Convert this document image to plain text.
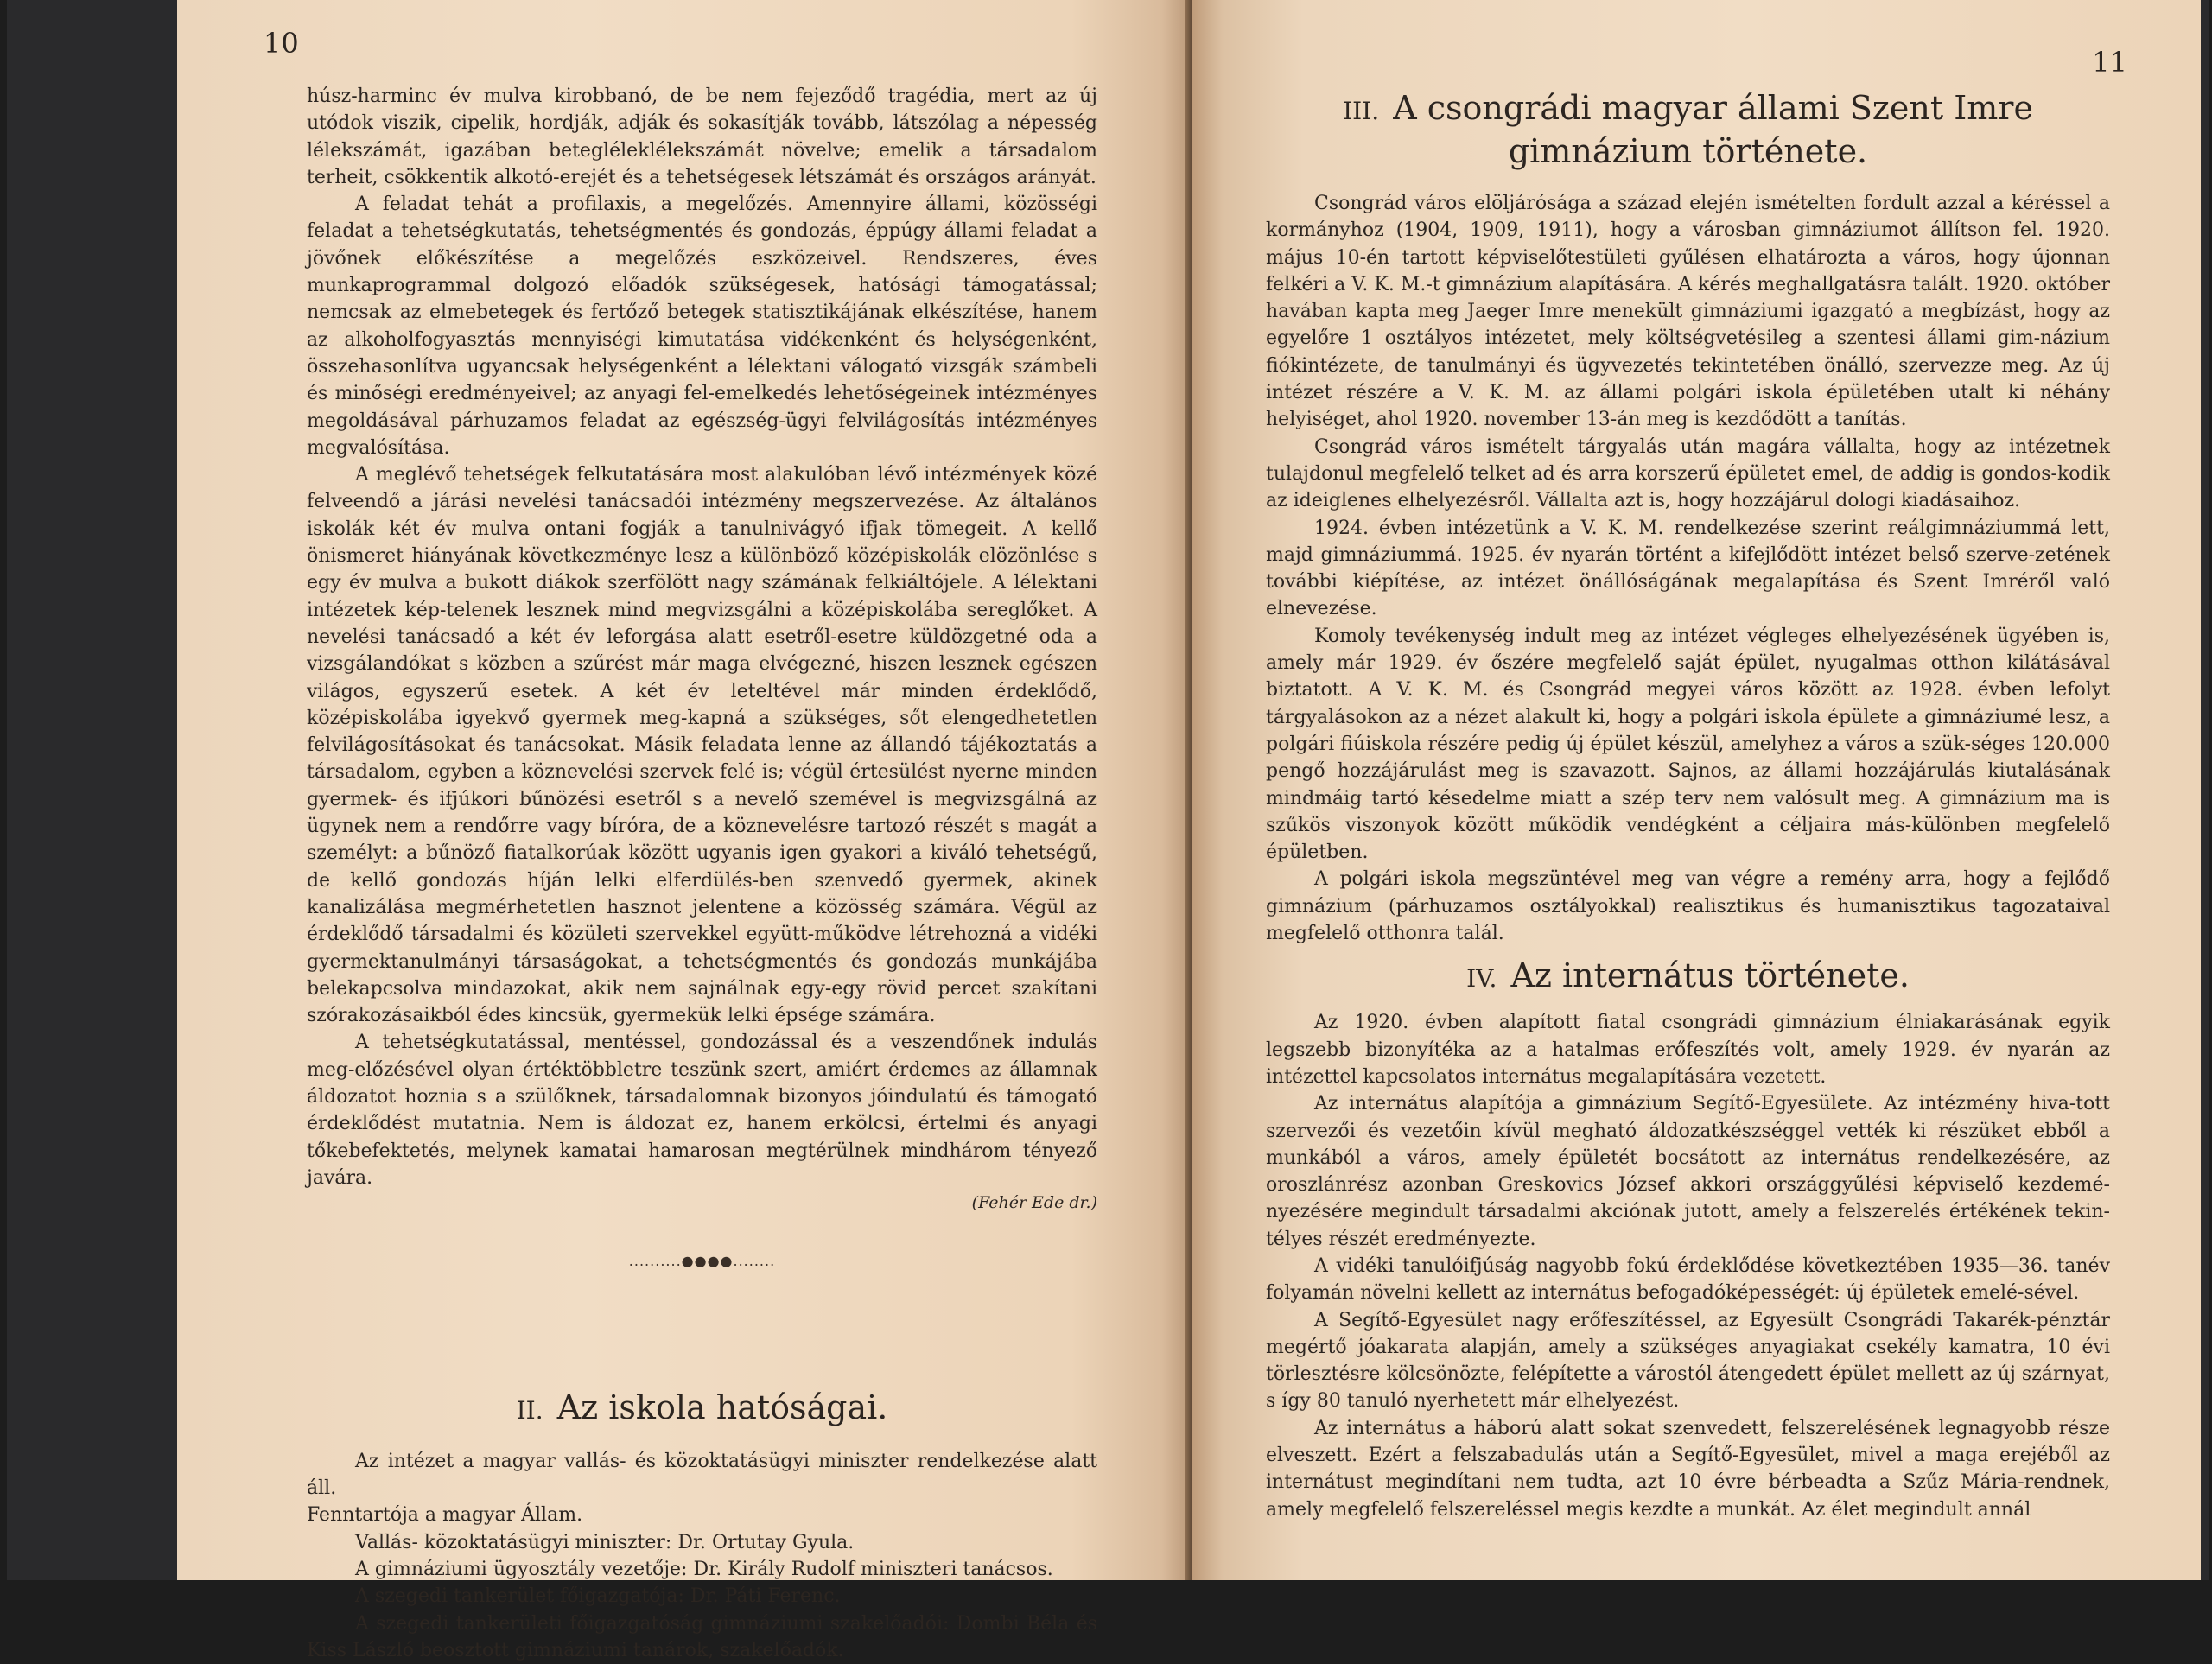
10

húsz-harminc év mulva kirobbanó, de be nem fejeződő tragédia, mert az új utódok viszik, cipelik, hordják, adják és sokasítják tovább, látszólag a népesség lélekszámát, igazában betegléleklélekszámát növelve; emelik a társadalom terheit, csökkentik alkotó-erejét és a tehetségesek létszámát és országos arányát.

A feladat tehát a profilaxis, a megelőzés. Amennyire állami, közösségi feladat a tehetségkutatás, tehetségmentés és gondozás, éppúgy állami feladat a jövőnek előkészítése a megelőzés eszközeivel. Rendszeres, éves munkaprogrammal dolgozó előadók szükségesek, hatósági támogatással; nemcsak az elmebetegek és fertőző betegek statisztikájának elkészítése, hanem az alkoholfogyasztás mennyiségi kimutatása vidékenként és helységenként, összehasonlítva ugyancsak helységenként a lélektani válogató vizsgák számbeli és minőségi eredményeivel; az anyagi fel-emelkedés lehetőségeinek intézményes megoldásával párhuzamos feladat az egészség-ügyi felvilágosítás intézményes megvalósítása.

A meglévő tehetségek felkutatására most alakulóban lévő intézmények közé felveendő a járási nevelési tanácsadói intézmény megszervezése. Az általános iskolák két év mulva ontani fogják a tanulnivágyó ifjak tömegeit. A kellő önismeret hiányának következménye lesz a különböző középiskolák elözönlése s egy év mulva a bukott diákok szerfölött nagy számának felkiáltójele. A lélektani intézetek kép-telenek lesznek mind megvizsgálni a középiskolába sereglőket. A nevelési tanácsadó a két év leforgása alatt esetről-esetre küldözgetné oda a vizsgálandókat s közben a szűrést már maga elvégezné, hiszen lesznek egészen világos, egyszerű esetek. A két év leteltével már minden érdeklődő, középiskolába igyekvő gyermek meg-kapná a szükséges, sőt elengedhetetlen felvilágosításokat és tanácsokat. Másik feladata lenne az állandó tájékoztatás a társadalom, egyben a köznevelési szervek felé is; végül értesülést nyerne minden gyermek- és ifjúkori bűnözési esetről s a nevelő szemével is megvizsgálná az ügynek nem a rendőrre vagy bíróra, de a köznevelésre tartozó részét s magát a személyt: a bűnöző fiatalkorúak között ugyanis igen gyakori a kiváló tehetségű, de kellő gondozás híján lelki elferdülés-ben szenvedő gyermek, akinek kanalizálása megmérhetetlen hasznot jelentene a közösség számára. Végül az érdeklődő társadalmi és közületi szervekkel együtt-működve létrehozná a vidéki gyermektanulmányi társaságokat, a tehetségmentés és gondozás munkájába belekapcsolva mindazokat, akik nem sajnálnak egy-egy rövid percet szakítani szórakozásaikból édes kincsük, gyermekük lelki épsége számára.

A tehetségkutatással, mentéssel, gondozással és a veszendőnek indulás meg-előzésével olyan értéktöbbletre teszünk szert, amiért érdemes az államnak áldozatot hoznia s a szülőknek, társadalomnak bizonyos jóindulatú és támogató érdeklődést mutatnia. Nem is áldozat ez, hanem erkölcsi, értelmi és anyagi tőkebefektetés, melynek kamatai hamarosan megtérülnek mindhárom tényező javára.

(Fehér Ede dr.)
..........●●●●........
II. Az iskola hatóságai.

Az intézet a magyar vallás- és közoktatásügyi miniszter rendelkezése alatt áll.

Fenntartója a magyar Állam.

Vallás- közoktatásügyi miniszter: Dr. Ortutay Gyula.

A gimnáziumi ügyosztály vezetője: Dr. Király Rudolf miniszteri tanácsos.

A szegedi tankerület főigazgatója: Dr. Páti Ferenc.

A szegedi tankerületi főigazgatóság gimnáziumi szakelőadói: Dombi Béla és Kiss László beosztott gimnáziumi tanárok, szakelőadók.

11
III. A csongrádi magyar állami Szent Imre gimnázium története.

Csongrád város elöljárósága a század elején ismételten fordult azzal a kéréssel a kormányhoz (1904, 1909, 1911), hogy a városban gimnáziumot állítson fel. 1920. május 10-én tartott képviselőtestületi gyűlésen elhatározta a város, hogy újonnan felkéri a V. K. M.-t gimnázium alapítására. A kérés meghallgatásra talált. 1920. október havában kapta meg Jaeger Imre menekült gimnáziumi igazgató a megbízást, hogy az egyelőre 1 osztályos intézetet, mely költségvetésileg a szentesi állami gim-názium fiókintézete, de tanulmányi és ügyvezetés tekintetében önálló, szervezze meg. Az új intézet részére a V. K. M. az állami polgári iskola épületében utalt ki néhány helyiséget, ahol 1920. november 13-án meg is kezdődött a tanítás.

Csongrád város ismételt tárgyalás után magára vállalta, hogy az intézetnek tulajdonul megfelelő telket ad és arra korszerű épületet emel, de addig is gondos-kodik az ideiglenes elhelyezésről. Vállalta azt is, hogy hozzájárul dologi kiadásaihoz.

1924. évben intézetünk a V. K. M. rendelkezése szerint reálgimnáziummá lett, majd gimnáziummá. 1925. év nyarán történt a kifejlődött intézet belső szerve-zetének további kiépítése, az intézet önállóságának megalapítása és Szent Imréről való elnevezése.

Komoly tevékenység indult meg az intézet végleges elhelyezésének ügyében is, amely már 1929. év őszére megfelelő saját épület, nyugalmas otthon kilátásával biztatott. A V. K. M. és Csongrád megyei város között az 1928. évben lefolyt tárgyalásokon az a nézet alakult ki, hogy a polgári iskola épülete a gimnáziumé lesz, a polgári fiúiskola részére pedig új épület készül, amelyhez a város a szük-séges 120.000 pengő hozzájárulást meg is szavazott. Sajnos, az állami hozzájárulás kiutalásának mindmáig tartó késedelme miatt a szép terv nem valósult meg. A gimnázium ma is szűkös viszonyok között működik vendégként a céljaira más-különben megfelelő épületben.

A polgári iskola megszüntével meg van végre a remény arra, hogy a fejlődő gimnázium (párhuzamos osztályokkal) realisztikus és humanisztikus tagozataival megfelelő otthonra talál.

IV. Az internátus története.

Az 1920. évben alapított fiatal csongrádi gimnázium élniakarásának egyik legszebb bizonyítéka az a hatalmas erőfeszítés volt, amely 1929. év nyarán az intézettel kapcsolatos internátus megalapítására vezetett.

Az internátus alapítója a gimnázium Segítő-Egyesülete. Az intézmény hiva-tott szervezői és vezetőin kívül megható áldozatkészséggel vették ki részüket ebből a munkából a város, amely épületét bocsátott az internátus rendelkezésére, az oroszlánrész azonban Greskovics József akkori országgyűlési képviselő kezdemé-nyezésére megindult társadalmi akciónak jutott, amely a felszerelés értékének tekin-télyes részét eredményezte.

A vidéki tanulóifjúság nagyobb fokú érdeklődése következtében 1935—36. tanév folyamán növelni kellett az internátus befogadóképességét: új épületek emelé-sével.

A Segítő-Egyesület nagy erőfeszítéssel, az Egyesült Csongrádi Takarék-pénztár megértő jóakarata alapján, amely a szükséges anyagiakat csekély kamatra, 10 évi törlesztésre kölcsönözte, felépítette a várostól átengedett épület mellett az új szárnyat, s így 80 tanuló nyerhetett már elhelyezést.

Az internátus a háború alatt sokat szenvedett, felszerelésének legnagyobb része elveszett. Ezért a felszabadulás után a Segítő-Egyesület, mivel a maga erejéből az internátust megindítani nem tudta, azt 10 évre bérbeadta a Szűz Mária-rendnek, amely megfelelő felszereléssel megis kezdte a munkát. Az élet megindult annál
